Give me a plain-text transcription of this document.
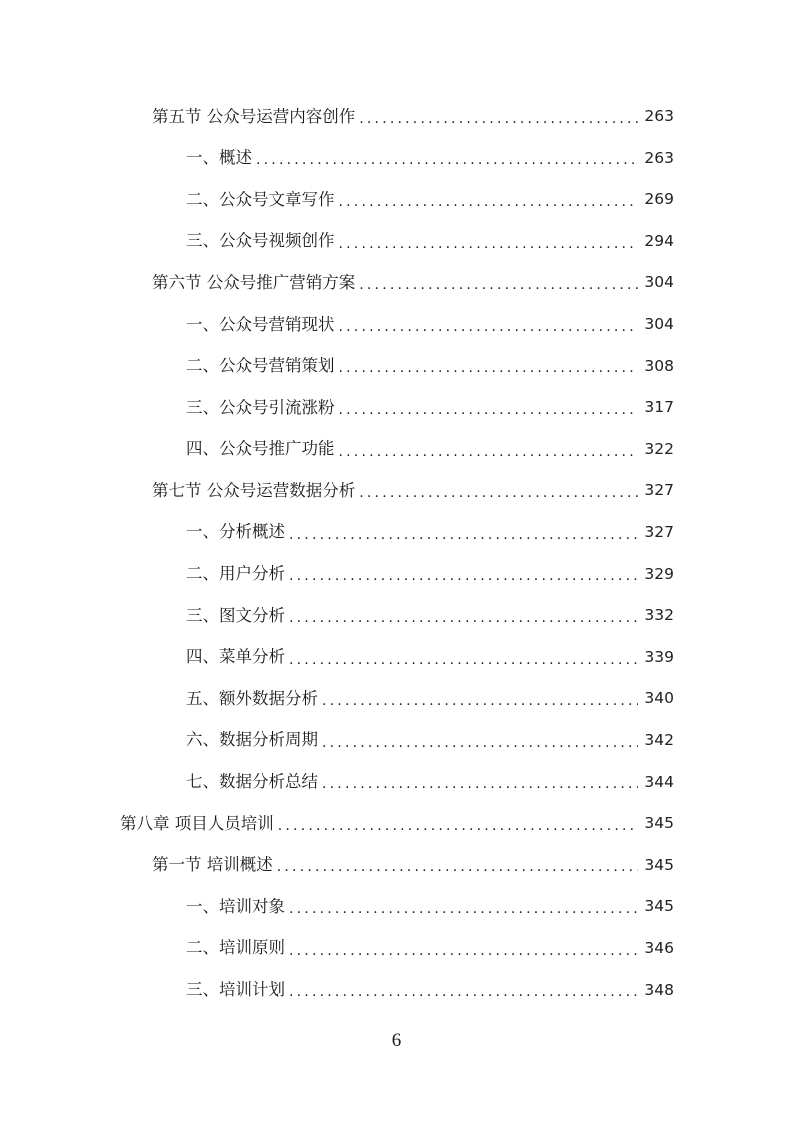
第五节 公众号运营内容创作 .....	263
一、概述 .....	263
二、公众号文章写作 .....	269
三、公众号视频创作 .....	294
第六节 公众号推广营销方案 .....	304
一、公众号营销现状 .....	304
二、公众号营销策划 .....	308
三、公众号引流涨粉 .....	317
四、公众号推广功能 .....	322
第七节 公众号运营数据分析 .....	327
一、分析概述 .....	327
二、用户分析 .....	329
三、图文分析 .....	332
四、菜单分析 .....	339
五、额外数据分析 .....	340
六、数据分析周期 .....	342
七、数据分析总结 .....	344
第八章 项目人员培训 .....	345
第一节 培训概述 .....	345
一、培训对象 .....	345
二、培训原则 .....	346
三、培训计划 .....	348
6
